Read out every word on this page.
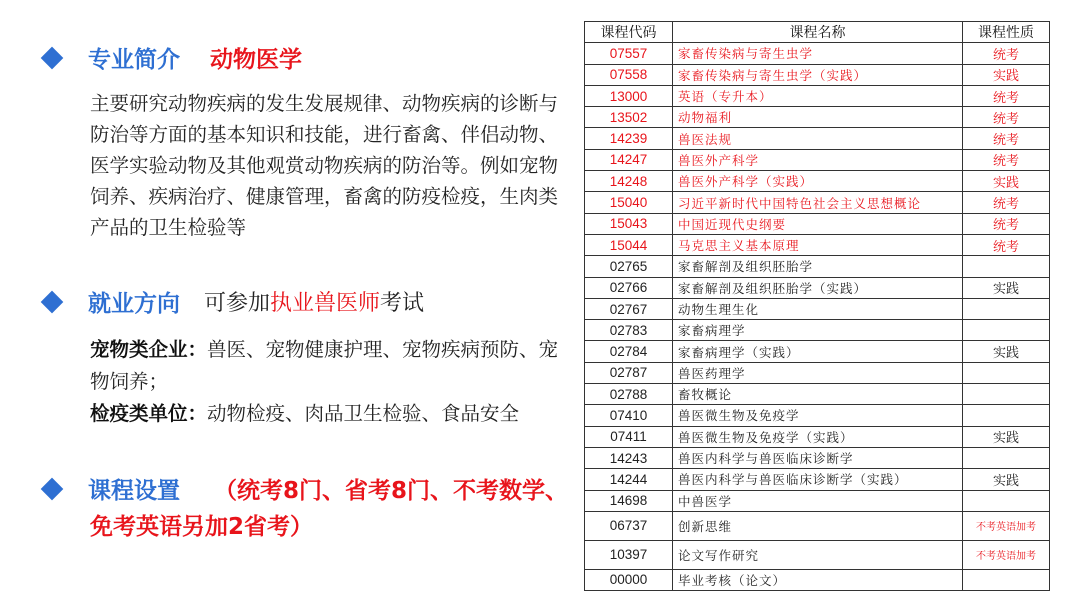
专业简介 动物医学

主要研究动物疾病的发生发展规律、动物疾病的诊断与防治等方面的基本知识和技能，进行畜禽、伴侣动物、医学实验动物及其他观赏动物疾病的防治等。例如宠物饲养、疾病治疗、健康管理，畜禽的防疫检疫，生肉类产品的卫生检验等

就业方向 可参加执业兽医师考试
宠物类企业：兽医、宠物健康护理、宠物疾病预防、宠物饲养；
检疫类单位：动物检疫、肉品卫生检验、食品安全
课程设置 （统考8门、省考8门、不考数学、
免考英语另加2省考）
课程代码	课程名称	课程性质
07557	家畜传染病与寄生虫学	统考
07558	家畜传染病与寄生虫学（实践）	实践
13000	英语（专升本）	统考
13502	动物福利	统考
14239	兽医法规	统考
14247	兽医外产科学	统考
14248	兽医外产科学（实践）	实践
15040	习近平新时代中国特色社会主义思想概论	统考
15043	中国近现代史纲要	统考
15044	马克思主义基本原理	统考
02765	家畜解剖及组织胚胎学	
02766	家畜解剖及组织胚胎学（实践）	实践
02767	动物生理生化	
02783	家畜病理学	
02784	家畜病理学（实践）	实践
02787	兽医药理学	
02788	畜牧概论	
07410	兽医微生物及免疫学	
07411	兽医微生物及免疫学（实践）	实践
14243	兽医内科学与兽医临床诊断学	
14244	兽医内科学与兽医临床诊断学（实践）	实践
14698	中兽医学	
06737	创新思维	不考英语加考
10397	论文写作研究	不考英语加考
00000	毕业考核（论文）	
